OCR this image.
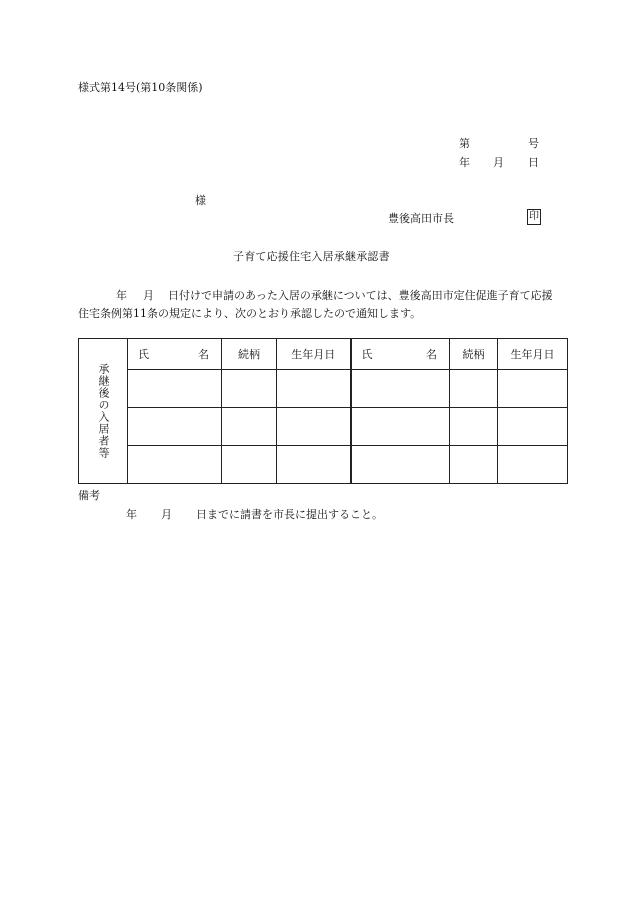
様式第14号(第10条関係)
第	号
年 月 日
様
豊後高田市長	印
子育て応援住宅入居承継承認書
年 月 日付けで申請のあった入居の承継については、豊後高田市定住促進子育て応援住宅条例第11条の規定により、次のとおり承認したので通知します。
承継後の入居者等	氏 名	続柄	生年月日	氏 名	続柄	生年月日

備考
年 月 日までに請書を市長に提出すること。
